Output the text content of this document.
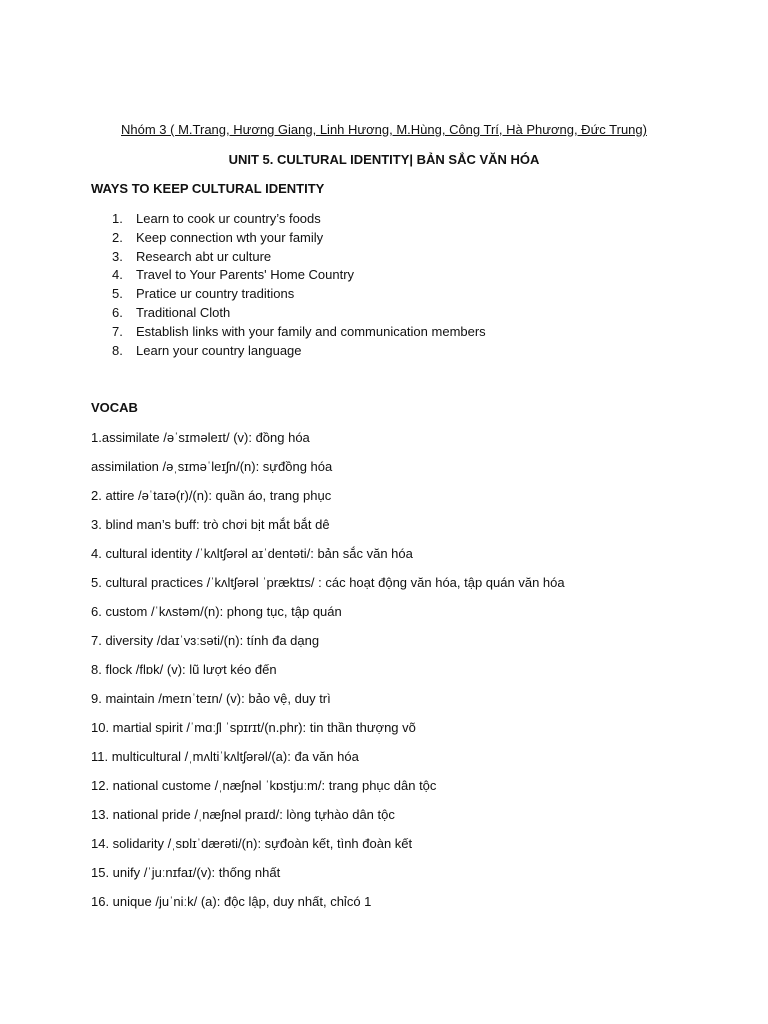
Nhóm 3 ( M.Trang, Hương Giang, Linh Hương, M.Hùng, Công Trí, Hà Phương, Đức Trung)
UNIT 5. CULTURAL IDENTITY| BẢN SẮC VĂN HÓA
WAYS TO KEEP CULTURAL IDENTITY
1. Learn to cook ur country’s foods
2. Keep connection wth your family
3. Research abt ur culture
4. Travel to Your Parents' Home Country
5. Pratice ur country traditions
6. Traditional Cloth
7. Establish links with your family and communication members
8. Learn your country language
VOCAB
1.assimilate /əˈsɪməleɪt/ (v): đồng hóa
assimilation /əˌsɪməˈleɪʃn/(n): sựđồng hóa
2. attire /əˈtaɪə(r)/(n): quần áo, trang phục
3. blind man’s buff: trò chơi bịt mắt bắt dê
4. cultural identity /ˈkʌltʃərəl aɪˈdentəti/: bản sắc văn hóa
5. cultural practices /ˈkʌltʃərəl ˈpræktɪs/ : các hoạt động văn hóa, tập quán văn hóa
6. custom /ˈkʌstəm/(n): phong tục, tập quán
7. diversity /daɪˈvɜːsəti/(n): tính đa dạng
8. flock /flɒk/ (v): lũ lượt kéo đến
9. maintain /meɪnˈteɪn/ (v): bảo vệ, duy trì
10. martial spirit /ˈmɑːʃl ˈspɪrɪt/(n.phr): tin thần thượng võ
11. multicultural /ˌmʌltiˈkʌltʃərəl/(a): đa văn hóa
12. national custome /ˌnæʃnəl ˈkɒstjuːm/: trang phục dân tộc
13. national pride /ˌnæʃnəl praɪd/: lòng tựhào dân tộc
14. solidarity /ˌsɒlɪˈdærəti/(n): sựđoàn kết, tình đoàn kết
15. unify /ˈjuːnɪfaɪ/(v): thống nhất
16. unique /juˈniːk/ (a): độc lập, duy nhất, chỉcó 1
